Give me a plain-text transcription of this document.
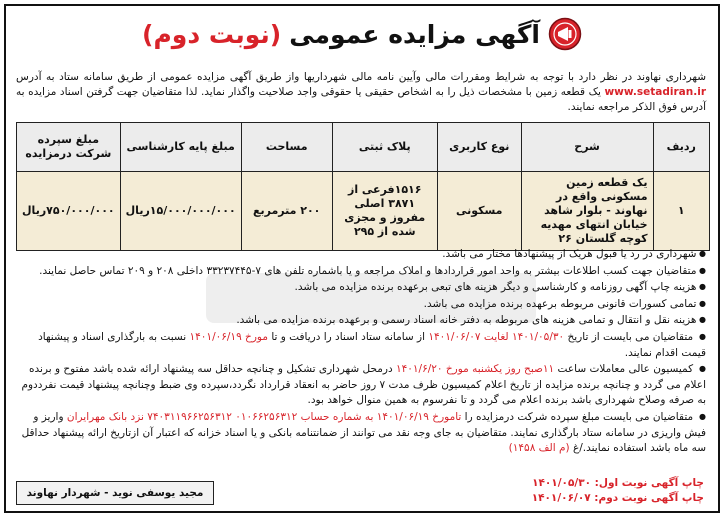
آگهی مزایده عمومی
(نوبت دوم)
شهرداری نهاوند در نظر دارد با توجه به شرایط ومقررات مالی وآیین نامه مالی شهرداریها واز طریق آگهی مزایده عمومی از طریق سامانه ستاد به آدرس www.setadiran.ir یک قطعه زمین با مشخصات ذیل را به اشخاص حقیقی یا حقوقی واجد صلاحیت واگذار نماید. لذا متقاضیان جهت گرفتن اسناد مزایده به آدرس فوق الذکر مراجعه نمایند.
ردیف	شرح	نوع کاربری	پلاک ثبتی	مساحت	مبلغ پایه کارشناسی	مبلغ سپرده شرکت درمزایده
۱	یک قطعه زمین مسکونی واقع در نهاوند - بلوار شاهد خیابان انتهای مهدیه کوچه گلستان ۲۶	مسکونی	۱۵۱۶فرعی از ۳۸۷۱ اصلی مفروز و مجزی شده از ۲۹۵	۲۰۰ مترمربع	۱۵/۰۰۰/۰۰۰/۰۰۰ریال	۷۵۰/۰۰۰/۰۰۰ریال
● شهرداری در رد یا قبول هریک از پیشنهادها مختار می باشد.
● متقاضیان جهت کسب اطلاعات بیشتر به واحد امور قراردادها و املاک مراجعه و یا باشماره تلفن های ۷-۳۳۲۳۷۴۴۵ داخلی ۲۰۸ و ۲۰۹ تماس حاصل نمایند.
● هزینه چاپ آگهی روزنامه و کارشناسی و دیگر هزینه های تبعی برعهده برنده مزایده می باشد.
● تمامی کسورات قانونی مربوطه برعهده برنده مزایده می باشد.
● هزینه نقل و انتقال و تمامی هزینه های مربوطه به دفتر خانه اسناد رسمی و برعهده برنده مزایده می باشد.
● متقاضیان می بایست از تاریخ ۱۴۰۱/۰۵/۳۰ لغایت ۱۴۰۱/۰۶/۰۷ از سامانه ستاد اسناد را دریافت و تا مورخ ۱۴۰۱/۰۶/۱۹ نسبت به بارگذاری اسناد و پیشنهاد قیمت اقدام نمایند.
● کمیسیون عالی معاملات ساعت ۱۱صبح روز یکشنبه مورخ ۱۴۰۱/۶/۲۰ درمحل شهرداری تشکیل و چنانچه حداقل سه پیشنهاد ارائه شده باشد مفتوح و برنده اعلام می گردد و چنانچه برنده مزایده از تاریخ اعلام کمیسیون ظرف مدت ۷ روز حاضر به انعقاد قرارداد نگردد،سپرده وی ضبط وچنانچه پیشنهاد قیمت نفرددوم به صرفه وصلاح شهرداری باشد برنده اعلام می گردد و تا نفرسوم به همین منوال خواهد بود.
● متقاضیان می بایست مبلغ سپرده شرکت درمزایده را تامورخ ۱۴۰۱/۰۶/۱۹ به شماره حساب ۰۱۰۶۶۲۵۶۳۱۲ ۷۴۰۳۱۱۹۶۶۲۵۶۳۱۲ نزد بانک مهرایران واریز و فیش واریزی در سامانه ستاد بارگذاری نمایند. متقاضیان به جای وجه نقد می توانند از ضمانتنامه بانکی و یا اسناد خزانه که اعتبار آن ازتاریخ ارائه پیشنهاد حداقل سه ماه باشد استفاده نمایند./غ (م الف ۱۴۵۸)
چاپ آگهی نوبت اول: ۱۴۰۱/۰۵/۳۰
چاپ آگهی نوبت دوم: ۱۴۰۱/۰۶/۰۷
مجید یوسفی نوید - شهردار نهاوند
